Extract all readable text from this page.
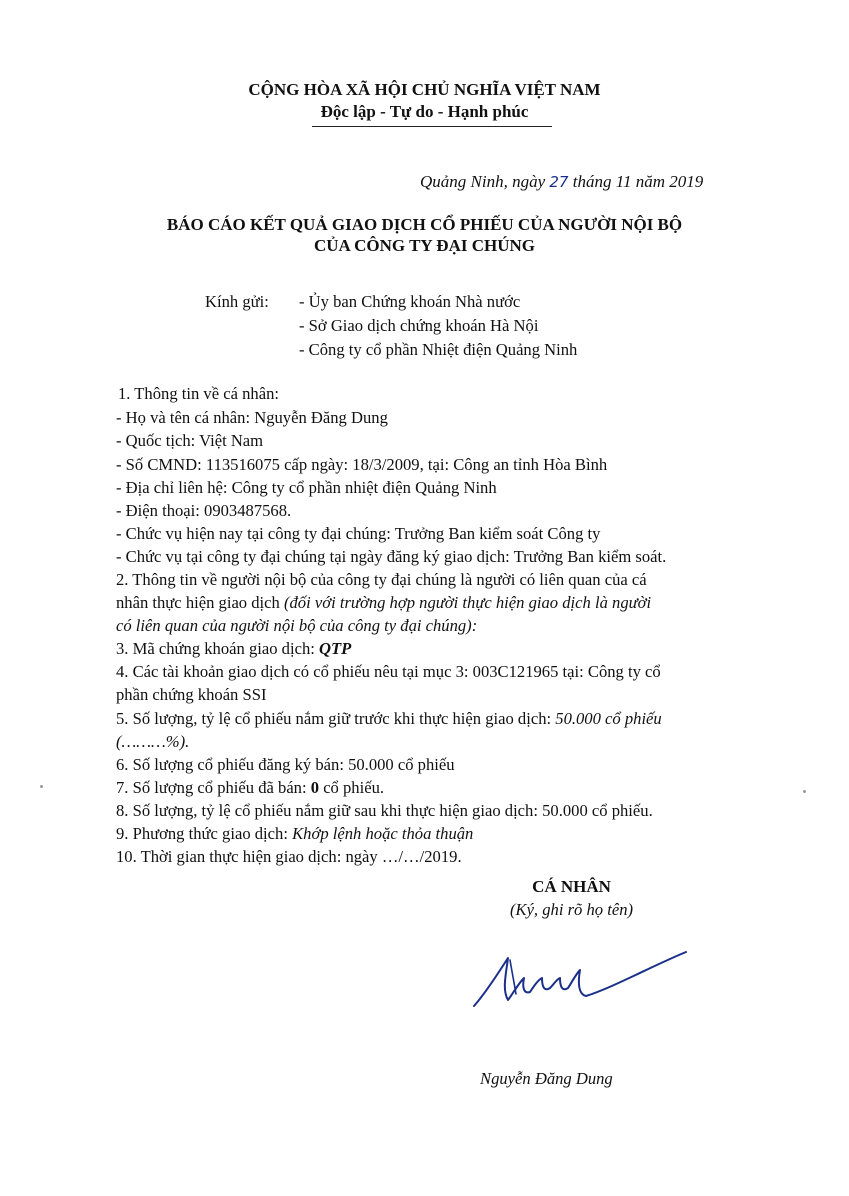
CỘNG HÒA XÃ HỘI CHỦ NGHĨA VIỆT NAM
Độc lập - Tự do - Hạnh phúc
Quảng Ninh, ngày 27 tháng 11 năm 2019
BÁO CÁO KẾT QUẢ GIAO DỊCH CỔ PHIẾU CỦA NGƯỜI NỘI BỘ
CỦA CÔNG TY ĐẠI CHÚNG
Kính gửi: - Ủy ban Chứng khoán Nhà nước
- Sở Giao dịch chứng khoán Hà Nội
- Công ty cổ phần Nhiệt điện Quảng Ninh
1. Thông tin về cá nhân:
- Họ và tên cá nhân: Nguyễn Đăng Dung
- Quốc tịch: Việt Nam
- Số CMND: 113516075 cấp ngày: 18/3/2009, tại: Công an tỉnh Hòa Bình
- Địa chỉ liên hệ: Công ty cổ phần nhiệt điện Quảng Ninh
- Điện thoại: 0903487568.
- Chức vụ hiện nay tại công ty đại chúng: Trưởng Ban kiểm soát Công ty
- Chức vụ tại công ty đại chúng tại ngày đăng ký giao dịch: Trưởng Ban kiểm soát.
2. Thông tin về người nội bộ của công ty đại chúng là người có liên quan của cá
nhân thực hiện giao dịch (đối với trường hợp người thực hiện giao dịch là người
có liên quan của người nội bộ của công ty đại chúng):
3. Mã chứng khoán giao dịch: QTP
4. Các tài khoản giao dịch có cổ phiếu nêu tại mục 3: 003C121965 tại: Công ty cổ
phần chứng khoán SSI
5. Số lượng, tỷ lệ cổ phiếu nắm giữ trước khi thực hiện giao dịch: 50.000 cổ phiếu
(………%).
6. Số lượng cổ phiếu đăng ký bán: 50.000 cổ phiếu
7. Số lượng cổ phiếu đã bán: 0 cổ phiếu.
8. Số lượng, tỷ lệ cổ phiếu nắm giữ sau khi thực hiện giao dịch: 50.000 cổ phiếu.
9. Phương thức giao dịch: Khớp lệnh hoặc thỏa thuận
10. Thời gian thực hiện giao dịch: ngày …/…/2019.
CÁ NHÂN
(Ký, ghi rõ họ tên)
Nguyễn Đăng Dung
